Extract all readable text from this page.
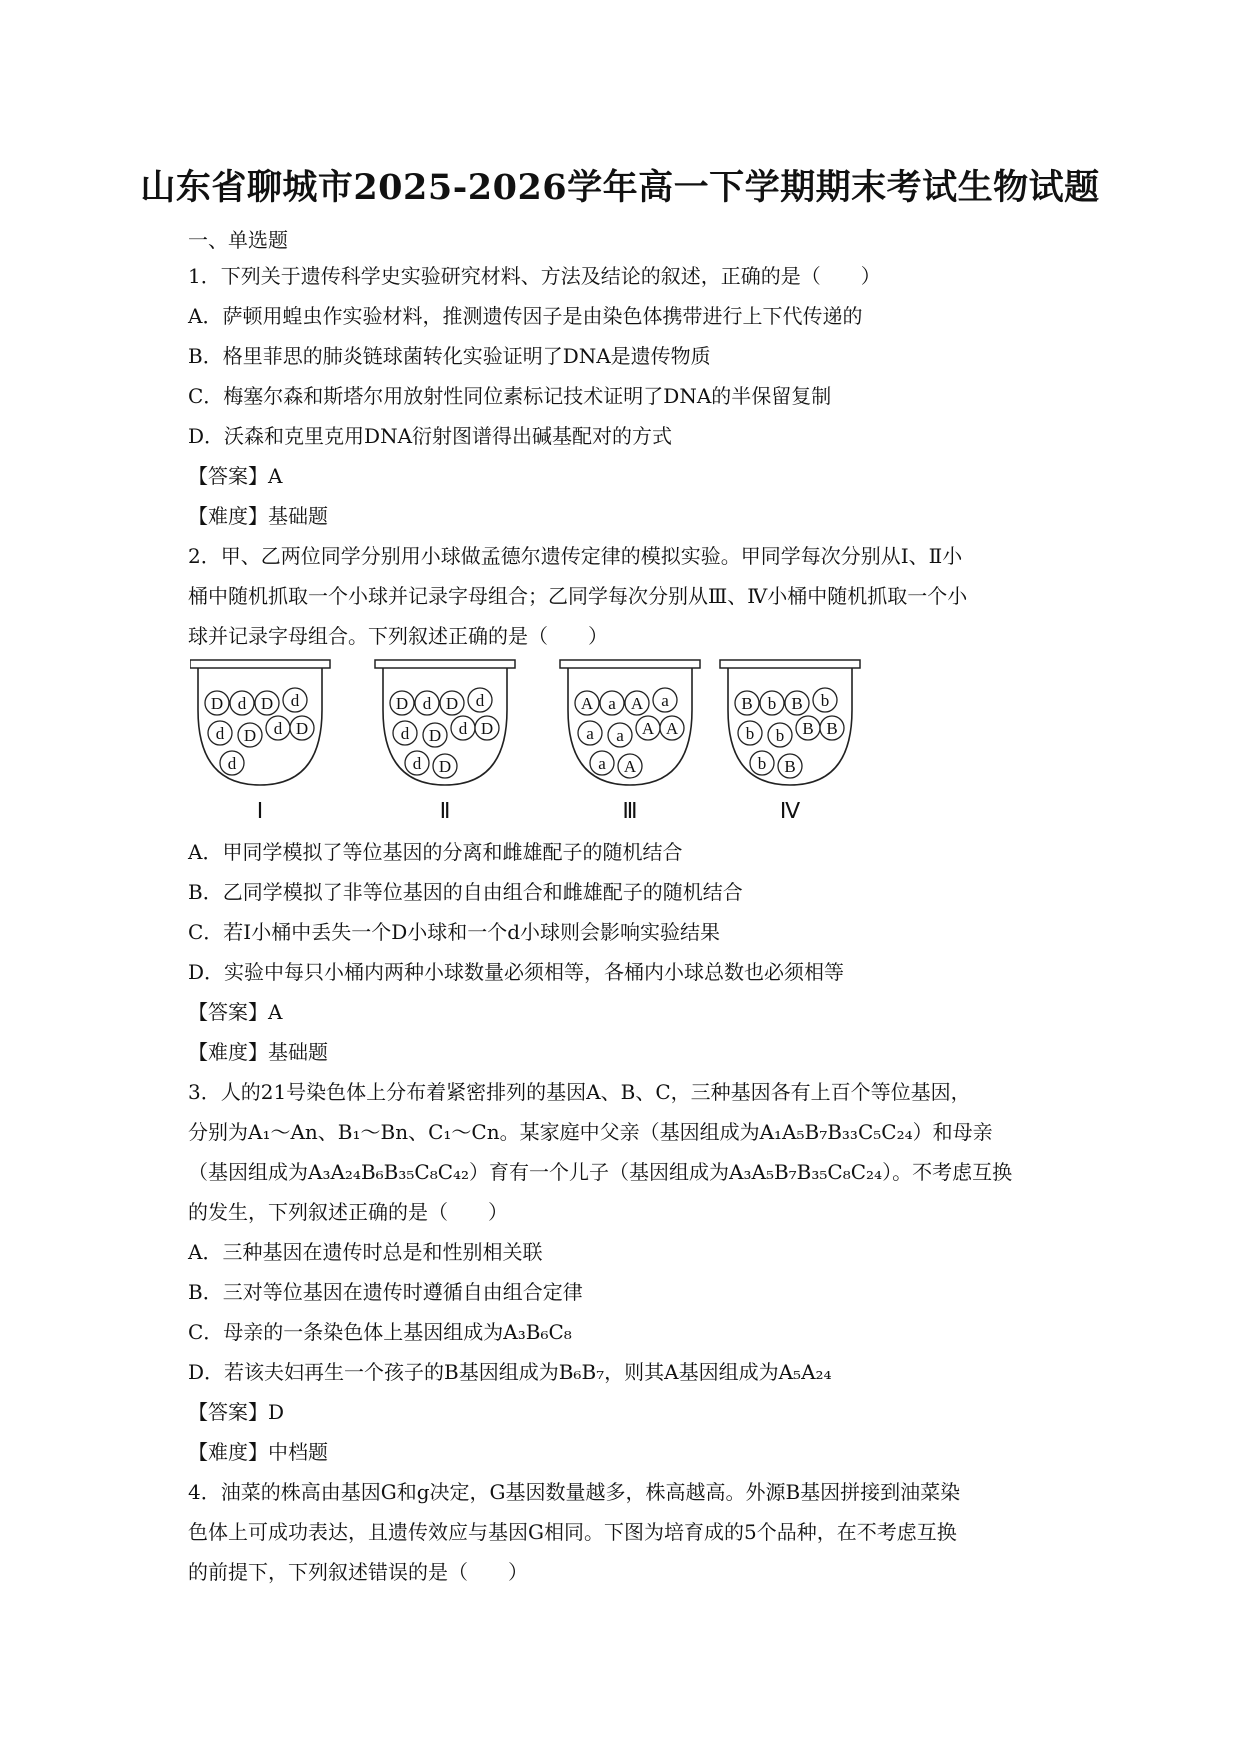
山东省聊城市2025-2026学年高一下学期期末考试生物试题
一、单选题
1．下列关于遗传科学史实验研究材料、方法及结论的叙述，正确的是（　　）
A．萨顿用蝗虫作实验材料，推测遗传因子是由染色体携带进行上下代传递的
B．格里菲思的肺炎链球菌转化实验证明了DNA是遗传物质
C．梅塞尔森和斯塔尔用放射性同位素标记技术证明了DNA的半保留复制
D．沃森和克里克用DNA衍射图谱得出碱基配对的方式
【答案】A
【难度】基础题
2．甲、乙两位同学分别用小球做孟德尔遗传定律的模拟实验。甲同学每次分别从Ⅰ、Ⅱ小
桶中随机抓取一个小球并记录字母组合；乙同学每次分别从Ⅲ、Ⅳ小桶中随机抓取一个小
球并记录字母组合。下列叙述正确的是（　　）
D d D d
d D d D
d
Ⅰ
D d D d
d D d D
d D
Ⅱ
A a A a
a a A A
a A
Ⅲ
B b B b
b b B B
b B
Ⅳ
A．甲同学模拟了等位基因的分离和雌雄配子的随机结合
B．乙同学模拟了非等位基因的自由组合和雌雄配子的随机结合
C．若Ⅰ小桶中丢失一个D小球和一个d小球则会影响实验结果
D．实验中每只小桶内两种小球数量必须相等，各桶内小球总数也必须相等
【答案】A
【难度】基础题
3．人的21号染色体上分布着紧密排列的基因A、B、C，三种基因各有上百个等位基因，
分别为A₁～An、B₁～Bn、C₁～Cn。某家庭中父亲（基因组成为A₁A₅B₇B₃₃C₅C₂₄）和母亲
（基因组成为A₃A₂₄B₆B₃₅C₈C₄₂）育有一个儿子（基因组成为A₃A₅B₇B₃₅C₈C₂₄）。不考虑互换
的发生，下列叙述正确的是（　　）
A．三种基因在遗传时总是和性别相关联
B．三对等位基因在遗传时遵循自由组合定律
C．母亲的一条染色体上基因组成为A₃B₆C₈
D．若该夫妇再生一个孩子的B基因组成为B₆B₇，则其A基因组成为A₅A₂₄
【答案】D
【难度】中档题
4．油菜的株高由基因G和g决定，G基因数量越多，株高越高。外源B基因拼接到油菜染
色体上可成功表达，且遗传效应与基因G相同。下图为培育成的5个品种，在不考虑互换
的前提下，下列叙述错误的是（　　）
